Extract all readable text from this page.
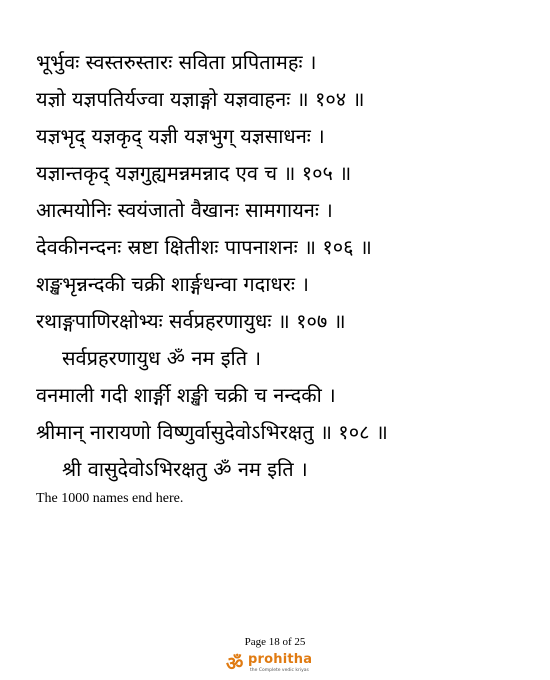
भूर्भुवः स्वस्तरुस्तारः सविता प्रपितामहः ।
यज्ञो यज्ञपतिर्यज्वा यज्ञाङ्गो यज्ञवाहनः ॥ १०४ ॥
यज्ञभृद् यज्ञकृद् यज्ञी यज्ञभुग् यज्ञसाधनः ।
यज्ञान्तकृद् यज्ञगुह्यमन्नमन्नाद एव च ॥ १०५ ॥
आत्मयोनिः स्वयंजातो वैखानः सामगायनः ।
देवकीनन्दनः स्रष्टा क्षितीशः पापनाशनः ॥ १०६ ॥
शङ्खभृन्नन्दकी चक्री शार्ङ्गधन्वा गदाधरः ।
रथाङ्गपाणिरक्षोभ्यः सर्वप्रहरणायुधः ॥ १०७ ॥
सर्वप्रहरणायुध ॐ नम इति ।
वनमाली गदी शार्ङ्गी शङ्खी चक्री च नन्दकी ।
श्रीमान् नारायणो विष्णुर्वासुदेवोऽभिरक्षतु ॥ १०८ ॥
श्री वासुदेवोऽभिरक्षतु ॐ नम इति ।
The 1000 names end here.
Page 18 of 25
ॐ prohitha
the Complete vedic kriyas
